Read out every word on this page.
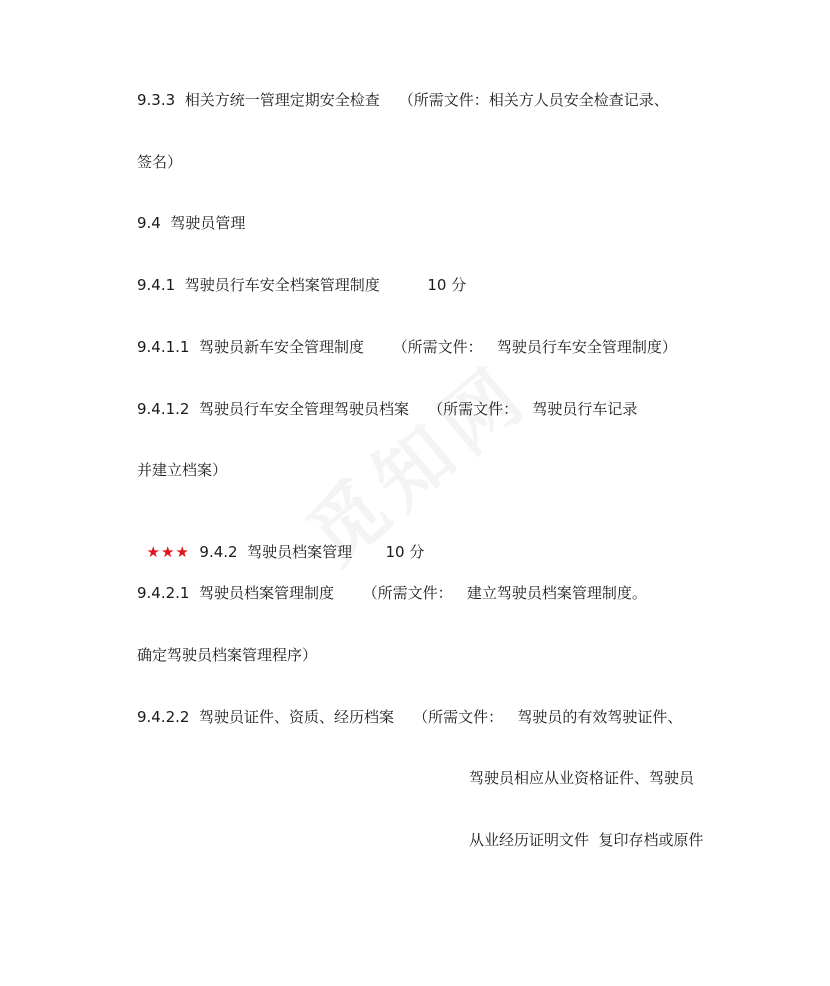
9.3.3  相关方统一管理定期安全检查    （所需文件：相关方人员安全检查记录、
签名）
9.4  驾驶员管理
9.4.1  驾驶员行车安全档案管理制度          10 分
9.4.1.1  驾驶员新车安全管理制度      （所需文件：   驾驶员行车安全管理制度）
9.4.1.2  驾驶员行车安全管理驾驶员档案    （所需文件：   驾驶员行车记录
并建立档案）

★★★  9.4.2  驾驶员档案管理       10 分

9.4.2.1  驾驶员档案管理制度      （所需文件：   建立驾驶员档案管理制度。
确定驾驶员档案管理程序）
9.4.2.2  驾驶员证件、资质、经历档案    （所需文件：   驾驶员的有效驾驶证件、
驾驶员相应从业资格证件、驾驶员
从业经历证明文件  复印存档或原件
